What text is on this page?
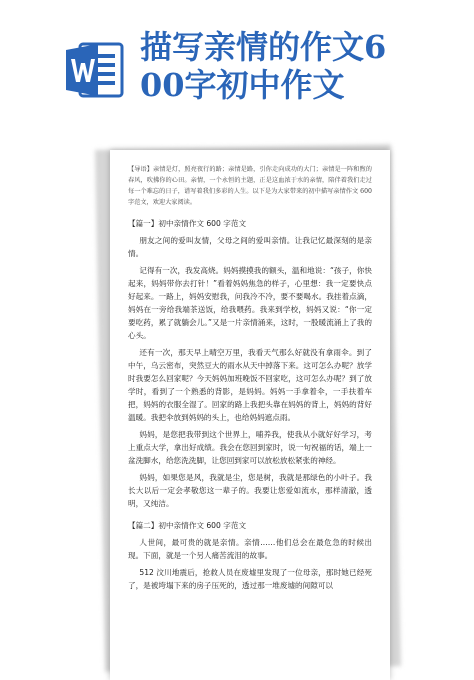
描写亲情的作文6
00字初中作文
【导语】亲情是灯，照亮夜行的路；亲情是路，引你走向成功的大门；亲情是一阵和煦的春风，吹拂你的心田。亲情，一个永恒的主题，正是这血浓于水的亲情，陪伴着我们走过每一个难忘的日子，谱写着我们多彩的人生。以下是为大家带来的初中描写亲情作文 600 字范文，欢迎大家阅读。
【篇一】初中亲情作文 600 字范文
朋友之间的爱叫友情，父母之间的爱叫亲情。让我记忆最深刻的是亲情。
记得有一次，我发高烧。妈妈摸摸我的额头，温和地说：“孩子，你快起来，妈妈带你去打针！”看着妈妈焦急的样子，心里想：我一定要快点好起来。一路上，妈妈安慰我，问我冷不冷，要不要喝水。我挂着点滴，妈妈在一旁给我端茶送饭，给我喂药。我来到学校，妈妈又说：“你一定要吃药，累了就躺会儿。”又是一片亲情涌来，这时，一股暖流涌上了我的心头。
还有一次，那天早上晴空万里，我看天气那么好就没有拿雨伞。到了中午，乌云密布，突然豆大的雨水从天中掉落下来。这可怎么办呢？放学时我要怎么回家呢？今天妈妈加班晚饭不回家吃，这可怎么办呢？到了放学时，看到了一个熟悉的背影，是妈妈。妈妈一手拿着伞，一手扶着车把，妈妈的衣服全湿了。回家的路上我把头靠在妈妈的背上，妈妈的背好温暖。我把伞放到妈妈的头上，也给妈妈遮点雨。
妈妈，是您把我带到这个世界上，哺养我，使我从小就好好学习，考上重点大学，拿出好成绩。我会在您回到家时，说一句祝福的话，端上一盆洗脚水，给您洗洗脚，让您回到家可以放松放松紧张的神经。
妈妈，如果您是风，我就是尘，您是树，我就是那绿色的小叶子。我长大以后一定会孝敬您这一辈子的。我要让您爱如流水，那样清澈，透明，又纯洁。
【篇二】初中亲情作文 600 字范文
人世间，最可贵的就是亲情。亲情……他们总会在最危急的时候出现。下面，就是一个另人痛苦流泪的故事。
512 汶川地震后，抢救人员在废墟里发现了一位母亲，那时她已经死了，是被垮塌下来的房子压死的，透过那一堆废墟的间隙可以
